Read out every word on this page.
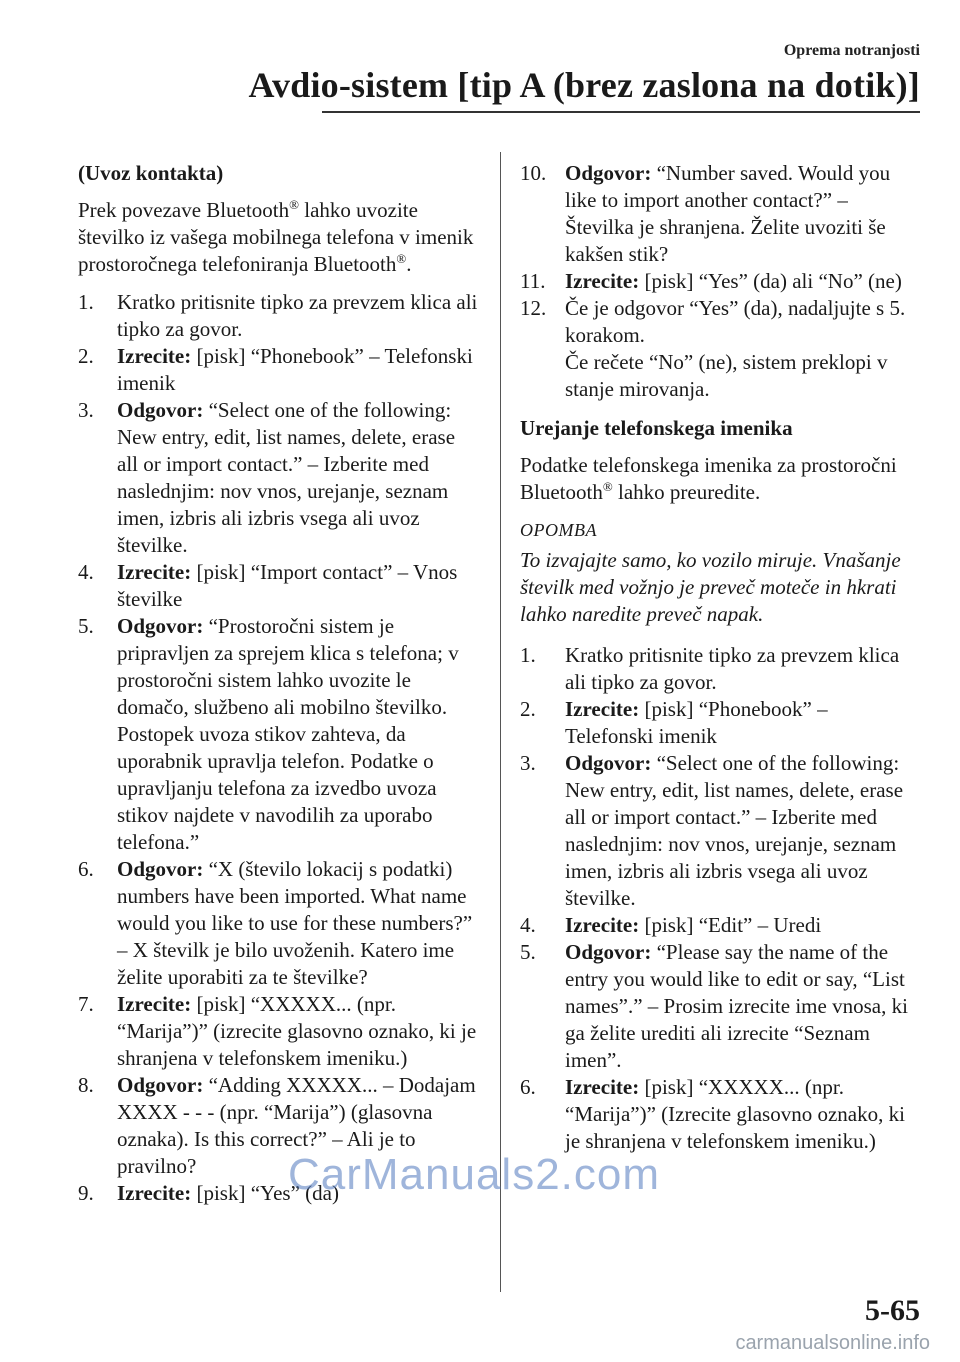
Oprema notranjosti
Avdio-sistem [tip A (brez zaslona na dotik)]

(Uvoz kontakta)

Prek povezave Bluetooth® lahko uvozite številko iz vašega mobilnega telefona v imenik prostoročnega telefoniranja Bluetooth®.

1.	Kratko pritisnite tipko za prevzem klica ali tipko za govor.
2.	Izrecite: [pisk] “Phonebook” – Telefonski imenik
3.	Odgovor: “Select one of the following: New entry, edit, list names, delete, erase all or import contact.” – Izberite med naslednjim: nov vnos, urejanje, seznam imen, izbris ali izbris vsega ali uvoz številke.
4.	Izrecite: [pisk] “Import contact” – Vnos številke
5.	Odgovor: “Prostoročni sistem je pripravljen za sprejem klica s telefona; v prostoročni sistem lahko uvozite le domačo, službeno ali mobilno številko. Postopek uvoza stikov zahteva, da uporabnik upravlja telefon. Podatke o upravljanju telefona za izvedbo uvoza stikov najdete v navodilih za uporabo telefona.”
6.	Odgovor: “X (število lokacij s podatki) numbers have been imported. What name would you like to use for these numbers?” – X številk je bilo uvoženih. Katero ime želite uporabiti za te številke?
7.	Izrecite: [pisk] “XXXXX... (npr. “Marija”)” (izrecite glasovno oznako, ki je shranjena v telefonskem imeniku.)
8.	Odgovor: “Adding XXXXX... – Dodajam XXXX - - - (npr. “Marija”) (glasovna oznaka). Is this correct?” – Ali je to pravilno?
9.	Izrecite: [pisk] “Yes” (da)
10. Odgovor: “Number saved. Would you like to import another contact?” – Številka je shranjena. Želite uvoziti še kakšen stik?
11. Izrecite: [pisk] “Yes” (da) ali “No” (ne)
12. Če je odgovor “Yes” (da), nadaljujte s 5. korakom.
Če rečete “No” (ne), sistem preklopi v stanje mirovanja.

Urejanje telefonskega imenika

Podatke telefonskega imenika za prostoročni Bluetooth® lahko preuredite.

OPOMBA

To izvajajte samo, ko vozilo miruje. Vnašanje številk med vožnjo je preveč moteče in hkrati lahko naredite preveč napak.

1.	Kratko pritisnite tipko za prevzem klica ali tipko za govor.
2.	Izrecite: [pisk] “Phonebook” – Telefonski imenik
3.	Odgovor: “Select one of the following: New entry, edit, list names, delete, erase all or import contact.” – Izberite med naslednjim: nov vnos, urejanje, seznam imen, izbris ali izbris vsega ali uvoz številke.
4.	Izrecite: [pisk] “Edit” – Uredi
5.	Odgovor: “Please say the name of the entry you would like to edit or say, “List names”.” – Prosim izrecite ime vnosa, ki ga želite urediti ali izrecite “Seznam imen”.
6.	Izrecite: [pisk] “XXXXX... (npr. “Marija”)” (Izrecite glasovno oznako, ki je shranjena v telefonskem imeniku.)
CarManuals2.com
5-65
carmanualsonline.info
